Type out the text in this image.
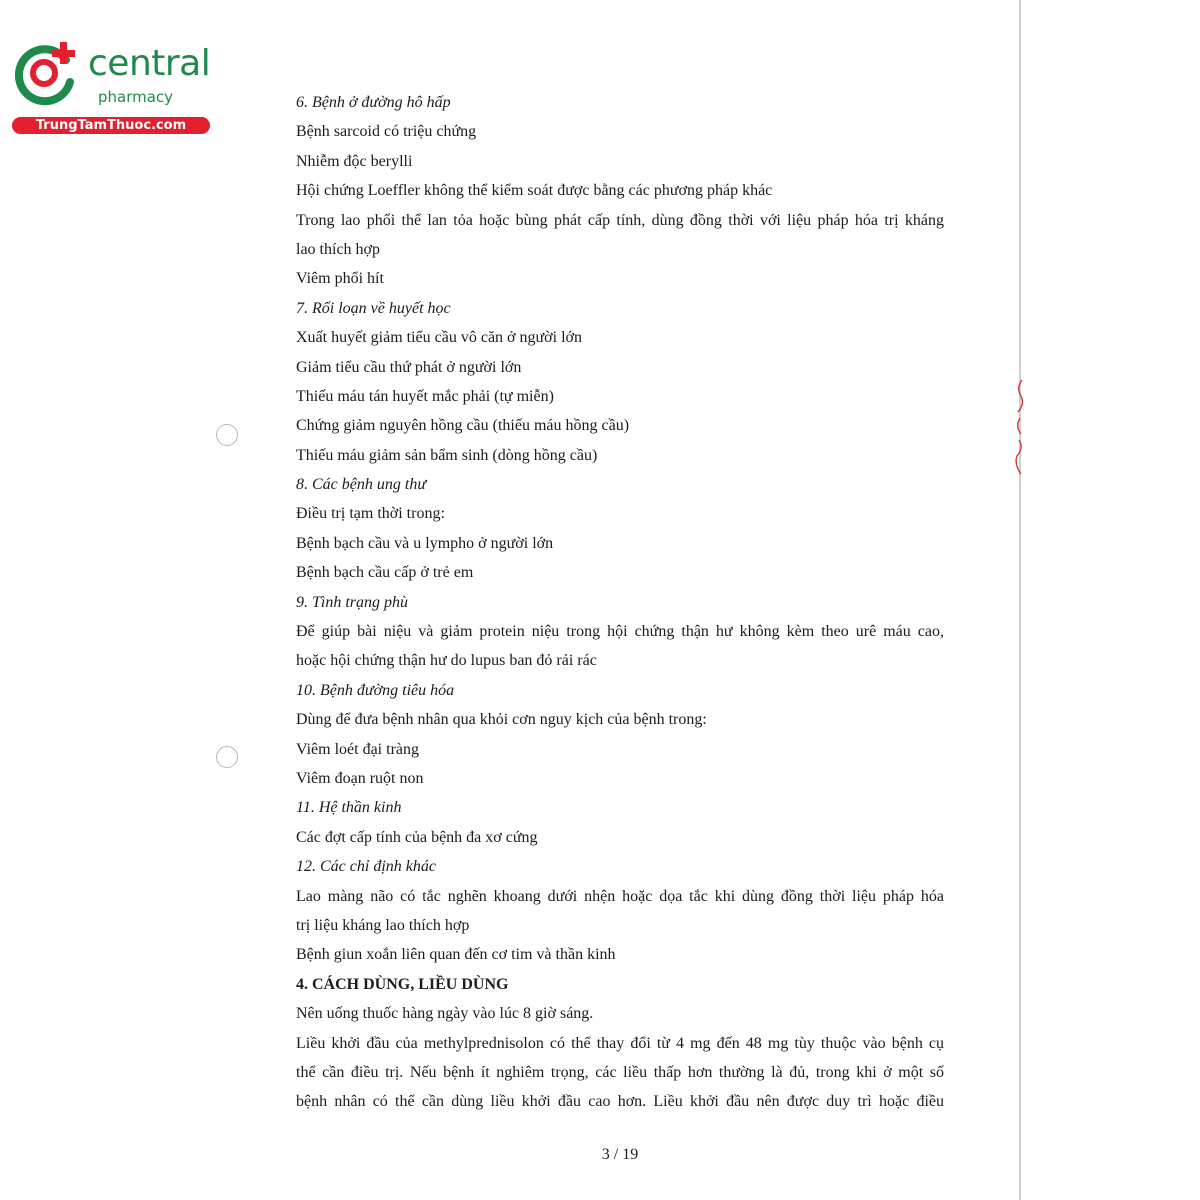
central
pharmacy
TrungTamThuoc.com
6. Bệnh ở đường hô hấp
Bệnh sarcoid có triệu chứng
Nhiễm độc berylli
Hội chứng Loeffler không thể kiểm soát được bằng các phương pháp khác
Trong lao phổi thể lan tỏa hoặc bùng phát cấp tính, dùng đồng thời với liệu pháp hóa trị kháng
lao thích hợp
Viêm phổi hít
7. Rối loạn về huyết học
Xuất huyết giảm tiểu cầu vô căn ở người lớn
Giảm tiểu cầu thứ phát ở người lớn
Thiếu máu tán huyết mắc phải (tự miễn)
Chứng giảm nguyên hồng cầu (thiếu máu hồng cầu)
Thiếu máu giảm sản bẩm sinh (dòng hồng cầu)
8. Các bệnh ung thư
Điều trị tạm thời trong:
Bệnh bạch cầu và u lympho ở người lớn
Bệnh bạch cầu cấp ở trẻ em
9. Tình trạng phù
Để giúp bài niệu và giảm protein niệu trong hội chứng thận hư không kèm theo urê máu cao,
hoặc hội chứng thận hư do lupus ban đỏ rải rác
10. Bệnh đường tiêu hóa
Dùng để đưa bệnh nhân qua khỏi cơn nguy kịch của bệnh trong:
Viêm loét đại tràng
Viêm đoạn ruột non
11. Hệ thần kinh
Các đợt cấp tính của bệnh đa xơ cứng
12. Các chỉ định khác
Lao màng não có tắc nghẽn khoang dưới nhện hoặc dọa tắc khi dùng đồng thời liệu pháp hóa
trị liệu kháng lao thích hợp
Bệnh giun xoắn liên quan đến cơ tim và thần kinh
4. CÁCH DÙNG, LIỀU DÙNG
Nên uống thuốc hàng ngày vào lúc 8 giờ sáng.
Liều khởi đầu của methylprednisolon có thể thay đổi từ 4 mg đến 48 mg tùy thuộc vào bệnh cụ
thể cần điều trị. Nếu bệnh ít nghiêm trọng, các liều thấp hơn thường là đủ, trong khi ở một số
bệnh nhân có thể cần dùng liều khởi đầu cao hơn. Liều khởi đầu nên được duy trì hoặc điều
3 / 19
